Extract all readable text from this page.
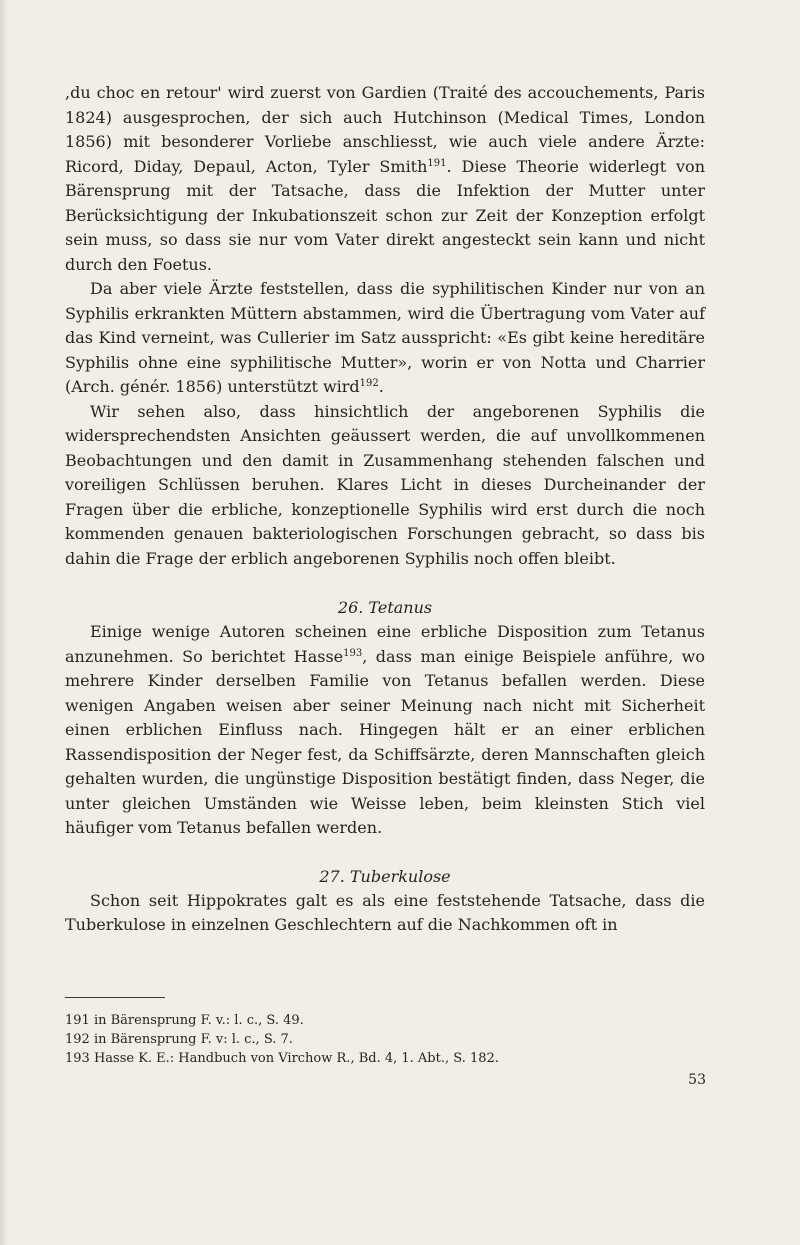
,du choc en retour' wird zuerst von Gardien (Traité des accouchements, Paris 1824) ausgesprochen, der sich auch Hutchinson (Medical Times, London 1856) mit besonderer Vorliebe anschliesst, wie auch viele andere Ärzte: Ricord, Diday, Depaul, Acton, Tyler Smith$^{191}$. Diese Theorie widerlegt von Bärensprung mit der Tatsache, dass die Infektion der Mutter unter Berücksichtigung der Inkubationszeit schon zur Zeit der Konzeption erfolgt sein muss, so dass sie nur vom Vater direkt angesteckt sein kann und nicht durch den Foetus.

Da aber viele Ärzte feststellen, dass die syphilitischen Kinder nur von an Syphilis erkrankten Müttern abstammen, wird die Übertragung vom Vater auf das Kind verneint, was Cullerier im Satz ausspricht: «Es gibt keine hereditäre Syphilis ohne eine syphilitische Mutter», worin er von Notta und Charrier (Arch. génér. 1856) unterstützt wird$^{192}$.

Wir sehen also, dass hinsichtlich der angeborenen Syphilis die widersprechendsten Ansichten geäussert werden, die auf unvollkommenen Beobachtungen und den damit in Zusammenhang stehenden falschen und voreiligen Schlüssen beruhen. Klares Licht in dieses Durcheinander der Fragen über die erbliche, konzeptionelle Syphilis wird erst durch die noch kommenden genauen bakteriologischen Forschungen gebracht, so dass bis dahin die Frage der erblich angeborenen Syphilis noch offen bleibt.

26. Tetanus

Einige wenige Autoren scheinen eine erbliche Disposition zum Tetanus anzunehmen. So berichtet Hasse$^{193}$, dass man einige Beispiele anführe, wo mehrere Kinder derselben Familie von Tetanus befallen werden. Diese wenigen Angaben weisen aber seiner Meinung nach nicht mit Sicherheit einen erblichen Einfluss nach. Hingegen hält er an einer erblichen Rassendisposition der Neger fest, da Schiffsärzte, deren Mannschaften gleich gehalten wurden, die ungünstige Disposition bestätigt finden, dass Neger, die unter gleichen Umständen wie Weisse leben, beim kleinsten Stich viel häufiger vom Tetanus befallen werden.

27. Tuberkulose

Schon seit Hippokrates galt es als eine feststehende Tatsache, dass die Tuberkulose in einzelnen Geschlechtern auf die Nachkommen oft in

191 in Bärensprung F. v.: l. c., S. 49.
192 in Bärensprung F. v: l. c., S. 7.
193 Hasse K. E.: Handbuch von Virchow R., Bd. 4, 1. Abt., S. 182.
53
